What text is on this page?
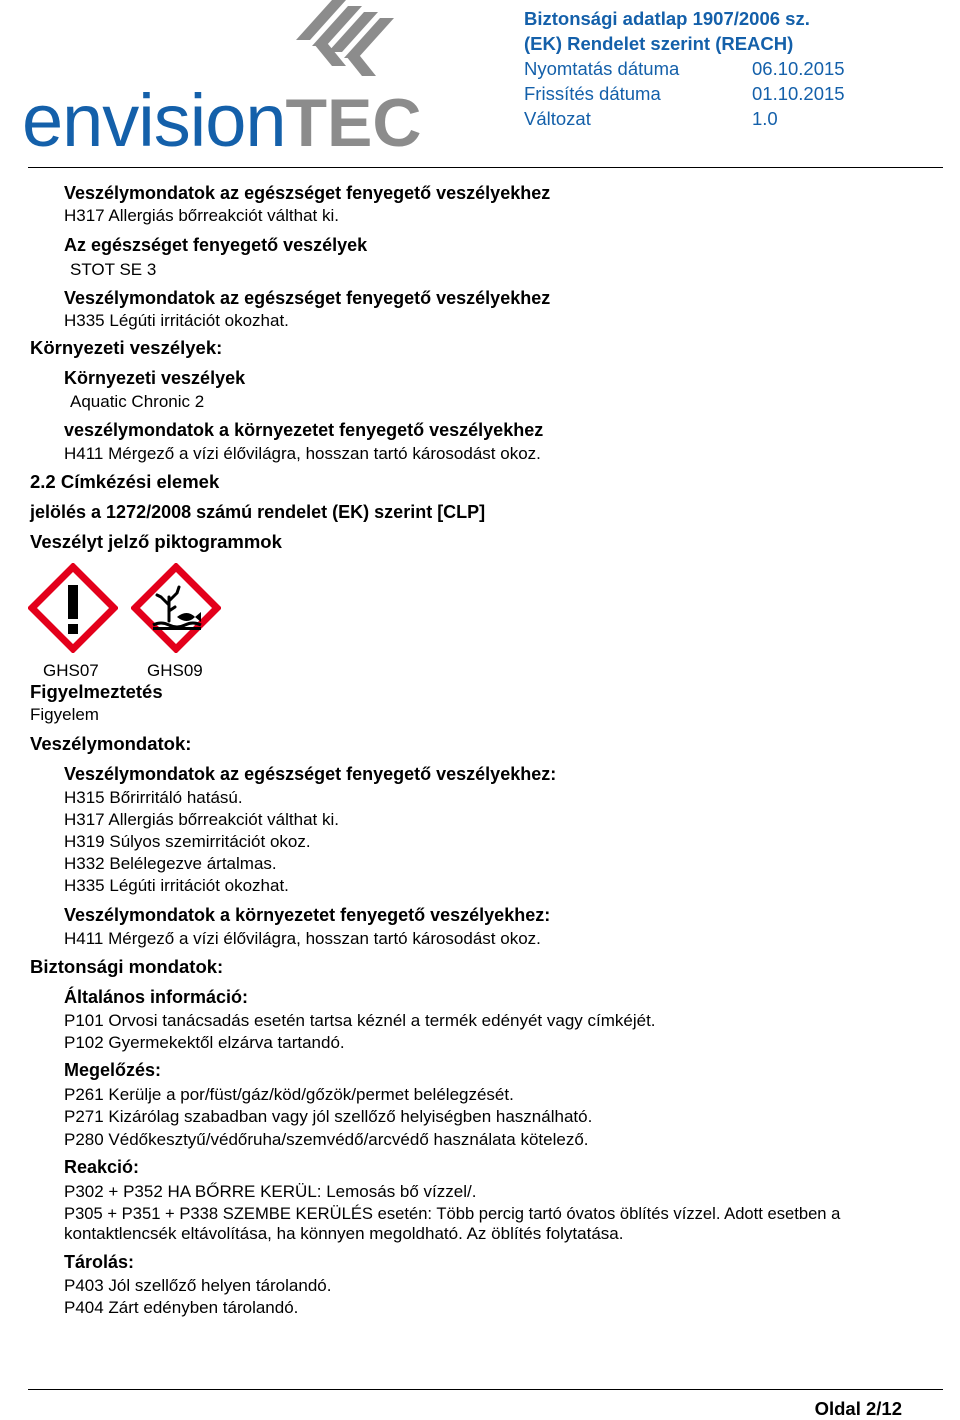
envisionTEC
Biztonsági adatlap 1907/2006 sz.
(EK) Rendelet szerint (REACH)
Nyomtatás dátuma	06.10.2015
Frissítés dátuma	01.10.2015
Változat	1.0
Veszélymondatok az egészséget fenyegető veszélyekhez
H317 Allergiás bőrreakciót válthat ki.
Az egészséget fenyegető veszélyek
STOT SE 3
Veszélymondatok az egészséget fenyegető veszélyekhez
H335 Légúti irritációt okozhat.
Környezeti veszélyek:
Környezeti veszélyek
Aquatic Chronic 2
veszélymondatok a környezetet fenyegető veszélyekhez
H411 Mérgező a vízi élővilágra, hosszan tartó károsodást okoz.
2.2 Címkézési elemek
jelölés a 1272/2008 számú rendelet (EK) szerint [CLP]
Veszélyt jelző piktogrammok
GHS07	GHS09
Figyelmeztetés
Figyelem
Veszélymondatok:
Veszélymondatok az egészséget fenyegető veszélyekhez:
H315 Bőrirritáló hatású.
H317 Allergiás bőrreakciót válthat ki.
H319 Súlyos szemirritációt okoz.
H332 Belélegezve ártalmas.
H335 Légúti irritációt okozhat.
Veszélymondatok a környezetet fenyegető veszélyekhez:
H411 Mérgező a vízi élővilágra, hosszan tartó károsodást okoz.
Biztonsági mondatok:
Általános információ:
P101 Orvosi tanácsadás esetén tartsa kéznél a termék edényét vagy címkéjét.
P102 Gyermekektől elzárva tartandó.
Megelőzés:
P261 Kerülje a por/füst/gáz/köd/gőzök/permet belélegzését.
P271 Kizárólag szabadban vagy jól szellőző helyiségben használható.
P280 Védőkesztyű/védőruha/szemvédő/arcvédő használata kötelező.
Reakció:
P302 + P352 HA BŐRRE KERÜL: Lemosás bő vízzel/.
P305 + P351 + P338 SZEMBE KERÜLÉS esetén: Több percig tartó óvatos öblítés vízzel. Adott esetben a
kontaktlencsék eltávolítása, ha könnyen megoldható. Az öblítés folytatása.
Tárolás:
P403 Jól szellőző helyen tárolandó.
P404 Zárt edényben tárolandó.
Oldal 2/12
